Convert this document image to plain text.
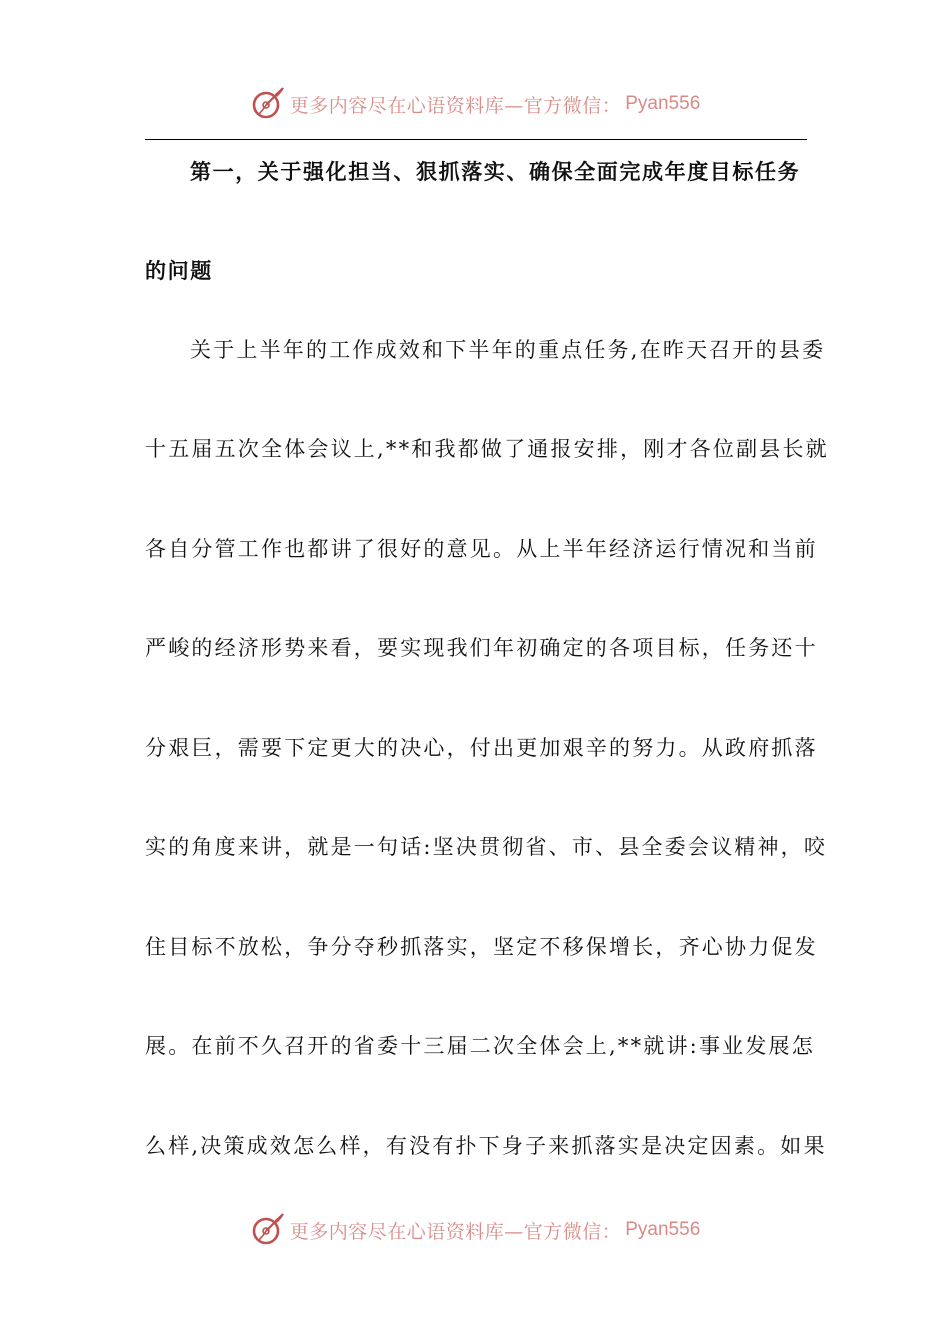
更多内容尽在心语资料库—官方微信： Pyan556
第一，关于强化担当、狠抓落实、确保全面完成年度目标任务
的问题
关于上半年的工作成效和下半年的重点任务,在昨天召开的县委
十五届五次全体会议上,**和我都做了通报安排，刚才各位副县长就
各自分管工作也都讲了很好的意见。从上半年经济运行情况和当前
严峻的经济形势来看，要实现我们年初确定的各项目标，任务还十
分艰巨，需要下定更大的决心，付出更加艰辛的努力。从政府抓落
实的角度来讲，就是一句话:坚决贯彻省、市、县全委会议精神，咬
住目标不放松，争分夺秒抓落实，坚定不移保增长，齐心协力促发
展。在前不久召开的省委十三届二次全体会上,**就讲:事业发展怎
么样,决策成效怎么样，有没有扑下身子来抓落实是决定因素。如果
更多内容尽在心语资料库—官方微信： Pyan556
